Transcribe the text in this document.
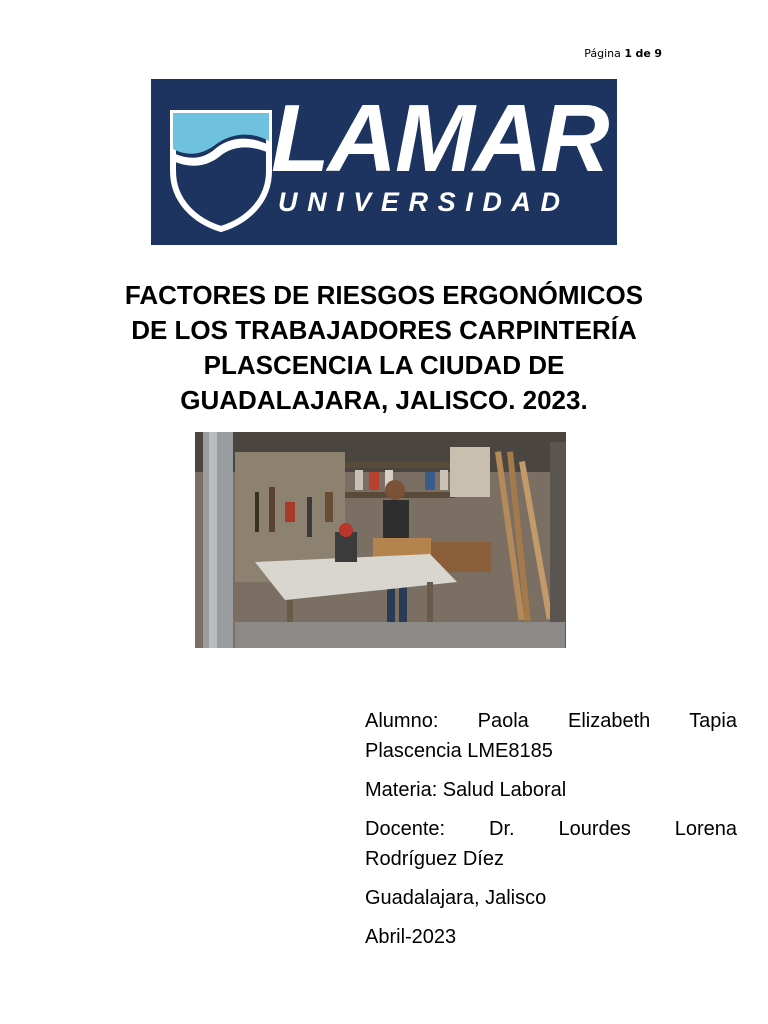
Página 1 de 9
LAMAR
UNIVERSIDAD
FACTORES DE RIESGOS ERGONÓMICOS
DE LOS TRABAJADORES CARPINTERÍA
PLASCENCIA LA CIUDAD DE
GUADALAJARA, JALISCO. 2023.

Alumno: Paola Elizabeth Tapia
Plascencia LME8185

Materia: Salud Laboral

Docente: Dr. Lourdes Lorena
Rodríguez Díez

Guadalajara, Jalisco

Abril-2023
